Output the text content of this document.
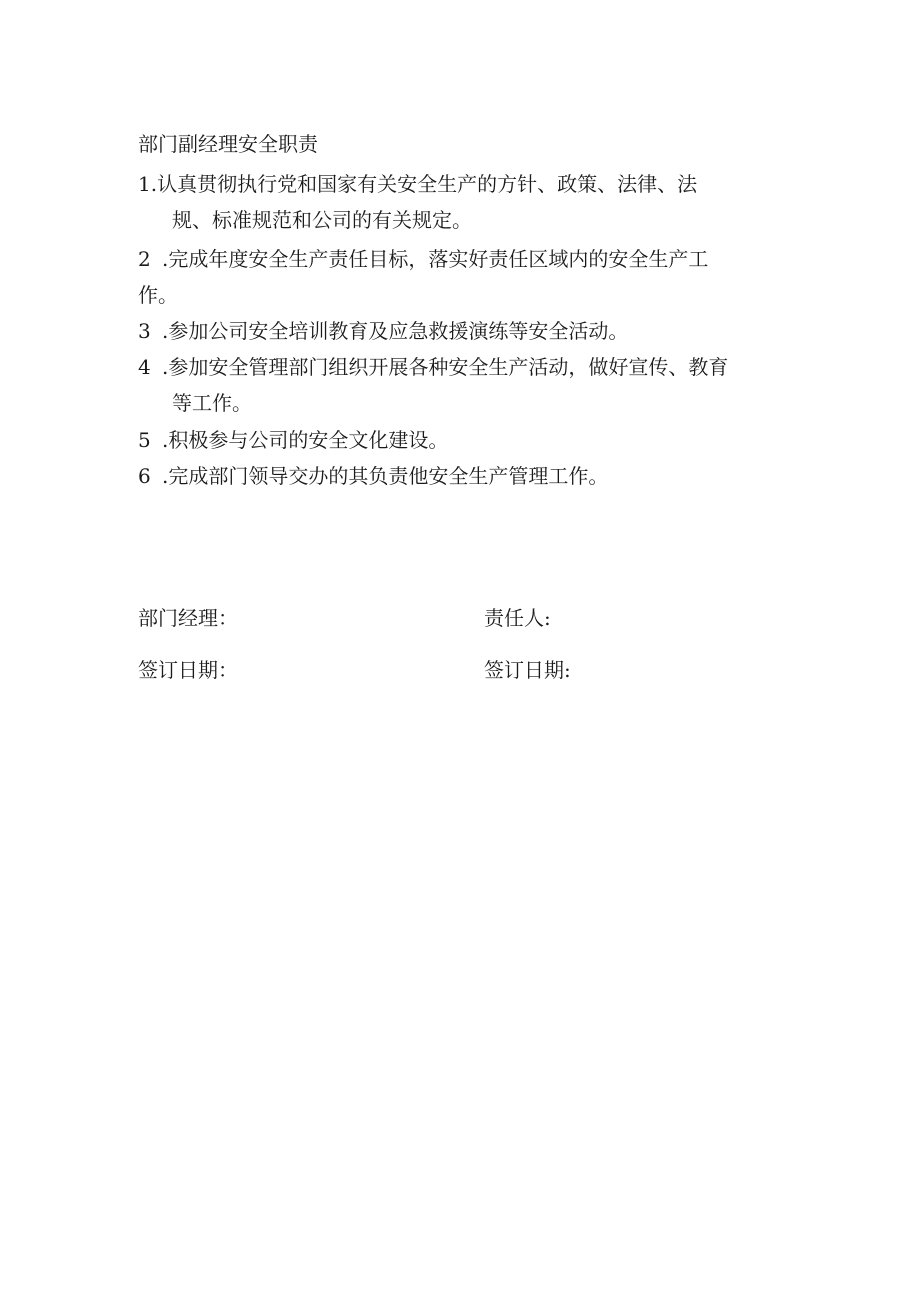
部门副经理安全职责
1.认真贯彻执行党和国家有关安全生产的方针、政策、法律、法
规、标准规范和公司的有关规定。
2 .完成年度安全生产责任目标，落实好责任区域内的安全生产工
作。
3 .参加公司安全培训教育及应急救援演练等安全活动。
4 .参加安全管理部门组织开展各种安全生产活动，做好宣传、教育
等工作。
5 .积极参与公司的安全文化建设。
6 .完成部门领导交办的其负责他安全生产管理工作。
部门经理：	责任人:
签订日期：	签订日期:
